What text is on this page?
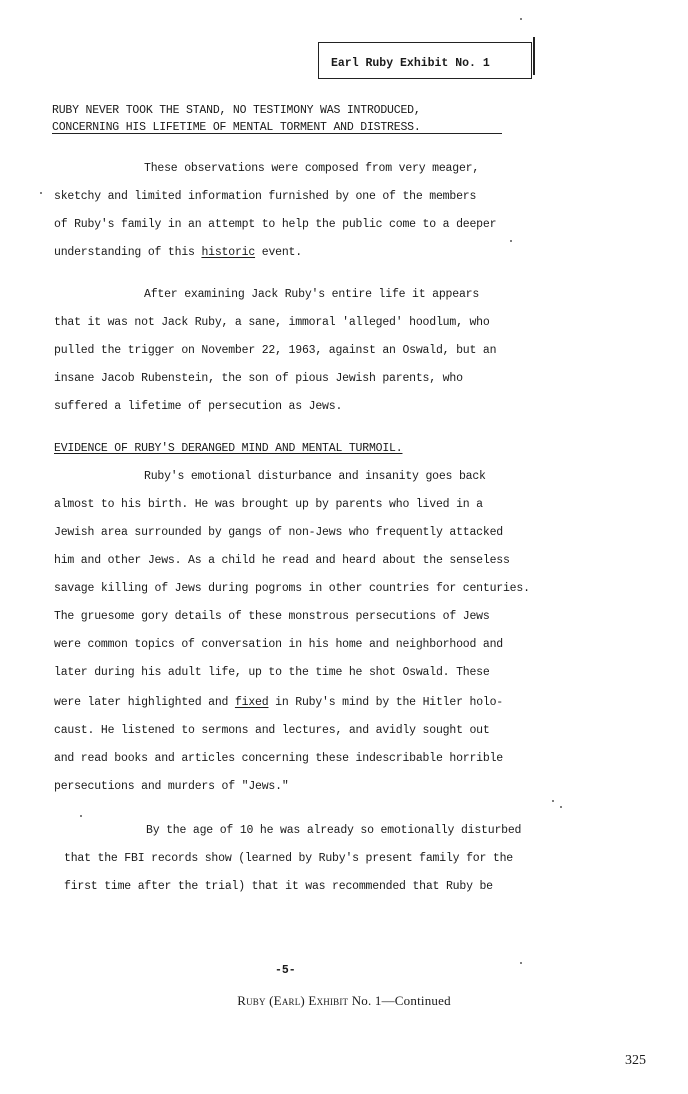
Earl Ruby Exhibit No. 1
RUBY NEVER TOOK THE STAND, NO TESTIMONY WAS INTRODUCED,
CONCERNING HIS LIFETIME OF MENTAL TORMENT AND DISTRESS.
These observations were composed from very meager,
sketchy and limited information furnished by one of the members
of Ruby's family in an attempt to help the public come to a deeper
understanding of this historic event.
After examining Jack Ruby's entire life it appears
that it was not Jack Ruby, a sane, immoral 'alleged' hoodlum, who
pulled the trigger on November 22, 1963, against an Oswald, but an
insane Jacob Rubenstein, the son of pious Jewish parents, who
suffered a lifetime of persecution as Jews.
EVIDENCE OF RUBY'S DERANGED MIND AND MENTAL TURMOIL.
Ruby's emotional disturbance and insanity goes back
almost to his birth. He was brought up by parents who lived in a
Jewish area surrounded by gangs of non-Jews who frequently attacked
him and other Jews. As a child he read and heard about the senseless
savage killing of Jews during pogroms in other countries for centuries.
The gruesome gory details of these monstrous persecutions of Jews
were common topics of conversation in his home and neighborhood and
later during his adult life, up to the time he shot Oswald. These
were later highlighted and fixed in Ruby's mind by the Hitler holo-
caust. He listened to sermons and lectures, and avidly sought out
and read books and articles concerning these indescribable horrible
persecutions and murders of "Jews."
By the age of 10 he was already so emotionally disturbed
that the FBI records show (learned by Ruby's present family for the
first time after the trial) that it was recommended that Ruby be
-5-
Ruby (Earl) Exhibit No. 1—Continued
325
